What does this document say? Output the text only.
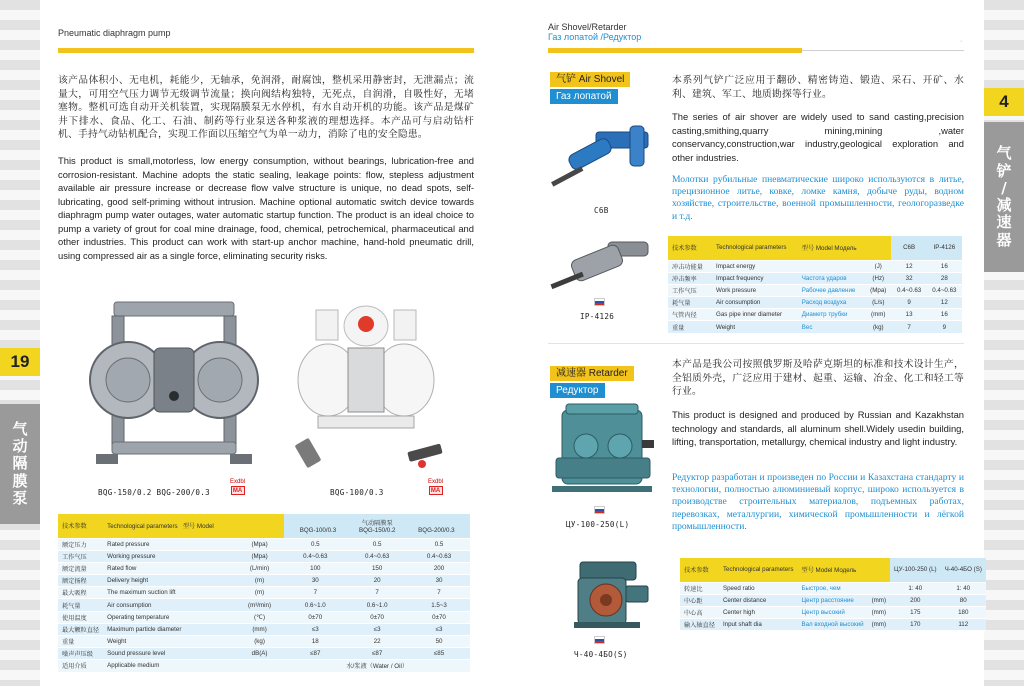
19
4
气
动
隔
膜
泵
气
铲
/
减
速
器
Pneumatic diaphragm pump
Air Shovel/Retarder
Газ лопатой /Редуктор	·
该产品体积小、无电机，耗能少，无轴承，免润滑，耐腐蚀，整机采用静密封，无泄漏点；流量大，可用空气压力调节无级调节流量；换向阀结构独特，无死点，自润滑，自吸性好，无堵塞物。整机可选自动开关机装置，实现隔膜泵无水停机，有水自动开机的功能。该产品是煤矿井下排水、食品、化工、石油、制药等行业泵送各种浆液的理想选择。本产品可与启动钻杆机、手持气动钻机配合，实现工作面以压缩空气为单一动力，消除了电的安全隐患。
This product is small,motorless, low energy consumption, without bearings, lubrication-free and corrosion-resistant. Machine adopts the static sealing, leakage points: flow, stepless adjustment available air pressure increase or decrease flow valve structure is unique, no dead spots, self-lubricating, good self-priming without intrusion. Machine optional automatic switch device towards diaphragm pump water outages, water automatic startup function. The product is an ideal choice to pump a variety of grout for coal mine drainage, food, chemical, petrochemical, pharmaceutical and other industries. This product can work with start-up anchor machine, hand-hold pneumatic drill, using compressed air as a single force, eliminating security risks.
BQG-150/0.2 BQG-200/0.3	BQG-100/0.3
Exdbl
MA
Exdbl
MA
技术参数	Technological parameters 型号 Model		气动隔膜泵
BQG-100/0.3 BQG-150/0.2 BQG-200/0.3		

额定压力	Rated pressure	(Mpa)	0.5	0.5	0.5
工作气压	Working pressure	(Mpa)	0.4~0.63	0.4~0.63	0.4~0.63
额定流量	Rated flow	(L/min)	100	150	200
额定扬程	Delivery height	(m)	30	20	30
最大吸程	The maximum suction lift	(m)	7	7	7
耗气量	Air consumption	(m³/min)	0.6~1.0	0.6~1.0	1.5~3
使用温度	Operating temperature	(℃)	0±70	0±70	0±70
最大颗粒直径	Maximum particle diameter	(mm)	≤3	≤3	≤3
重量	Weight	(kg)	18	22	50
噪声声压级	Sound pressure level	dB(A)	≤87	≤87	≤85
适用介质	Applicable medium		水/浆液（Water / Oil）		
气铲 Air Shovel
Газ лопатой
C6B
IP-4126
本系列气铲广泛应用于翻砂、精密铸造、锻造、采石、开矿、水利、建筑、军工、地质勘探等行业。
The series of air shover are widely used to sand casting,precision casting,smithing,quarry mining,mining ,water conservancy,construction,war industry,geological exploration and other industries.
Молотки рубильные пневматические широко используются в литье, прецизионное литье, ковке, ломке камня, добыче руды, водном хозяйстве, строительстве, военной промышленности, геологоразведке и т.д.
技术参数	Technological parameters	型号 Model Модель		C6B	IP-4126
冲击功能量	Impact energy		(J)	12	16
冲击频率	Impact frequency	Частота ударов	(Hz)	32	28
工作气压	Work pressure	Рабочее давление	(Mpa)	0.4~0.63	0.4~0.63
耗气量	Air consumption	Расход воздуха	(L/s)	9	12
气管内径	Gas pipe inner diameter	Диаметр трубки	(mm)	13	16
重量	Weight	Вес	(kg)	7	9
减速器 Retarder
Редуктор
ЦУ-100-250(L)
Ч-40-4БО(S)
本产品是我公司按照俄罗斯及哈萨克斯坦的标准和技术设计生产，全铝质外壳，广泛应用于建材、起重、运输、冶金、化工和轻工等行业。
This product is designed and produced by Russian and Kazakhstan technology and standards, all aluminum shell.Widely usedin building, lifting, transportation, metallurgy, chemical industry and light industry.
Редуктор разработан и произведен по России и Казахстана стандарту и технологии, полностью алюминиевый корпус, широко используется в производстве строительных материалов, подъемных работах, перевозках, металлургии, химической промышленности и лёгкой промышленности.
技术参数	Technological parameters	型号 Model Модель		ЦУ-100-250 (L)	Ч-40-4БО (S)
转速比	Speed ratio	Быстрое, чем		1: 40	1: 40
中心距	Center distance	Центр расстояние	(mm)	200	80
中心高	Center high	Центр высокий	(mm)	175	180
输入轴直径	Input shaft dia	Вал входной высокий	(mm)	170	112
